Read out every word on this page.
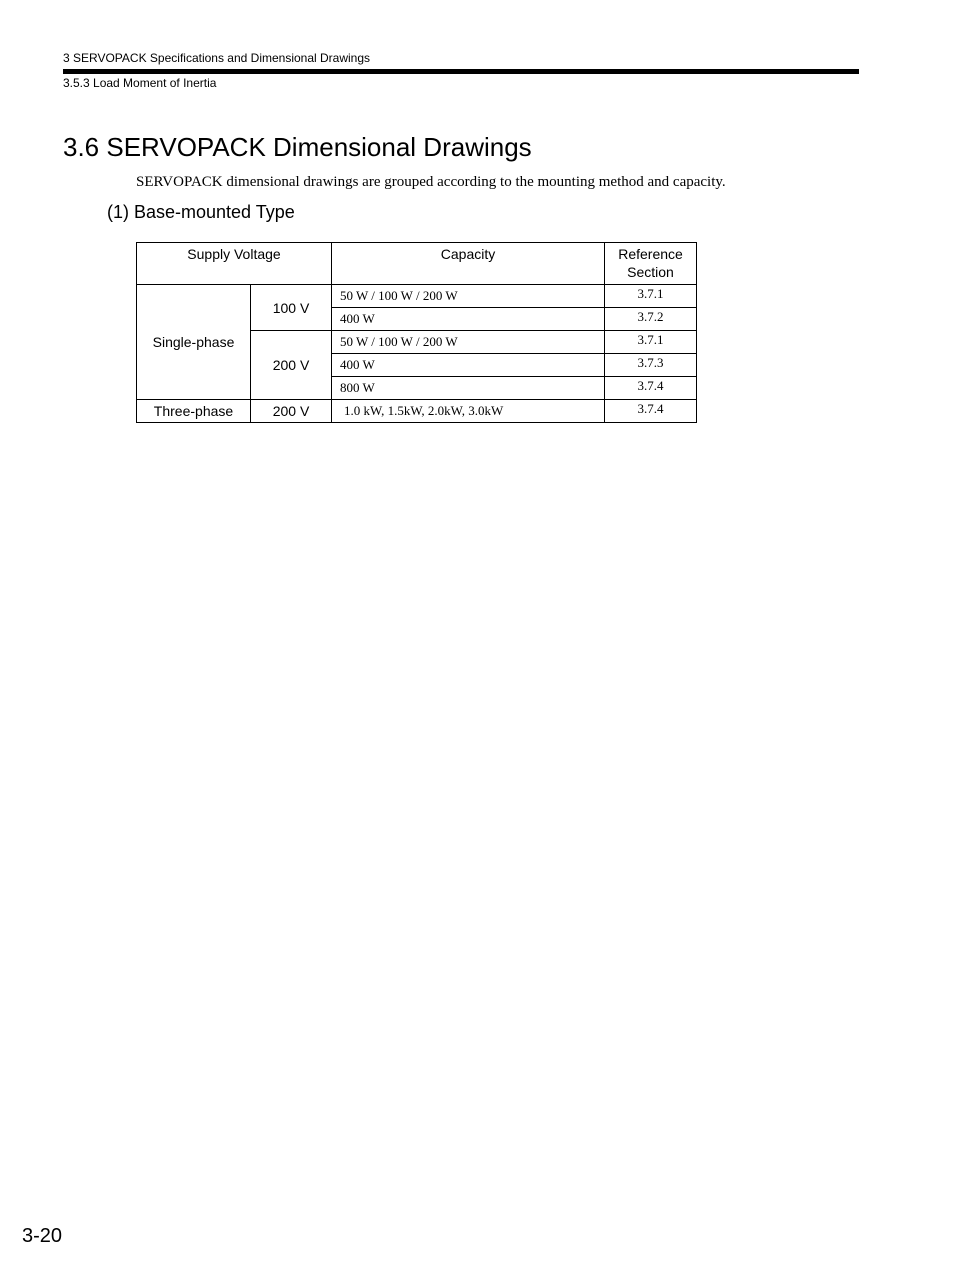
3 SERVOPACK Specifications and Dimensional Drawings
3.5.3 Load Moment of Inertia
3.6 SERVOPACK Dimensional Drawings
SERVOPACK dimensional drawings are grouped according to the mounting method and capacity.
(1) Base-mounted Type
Supply Voltage		Capacity	Reference
Section
Single-phase	100 V	50 W / 100 W / 200 W	3.7.1
		400 W	3.7.2
	200 V	50 W / 100 W / 200 W	3.7.1
		400 W	3.7.3
		800 W	3.7.4
Three-phase	200 V	1.0 kW, 1.5kW, 2.0kW, 3.0kW	3.7.4
3-20
